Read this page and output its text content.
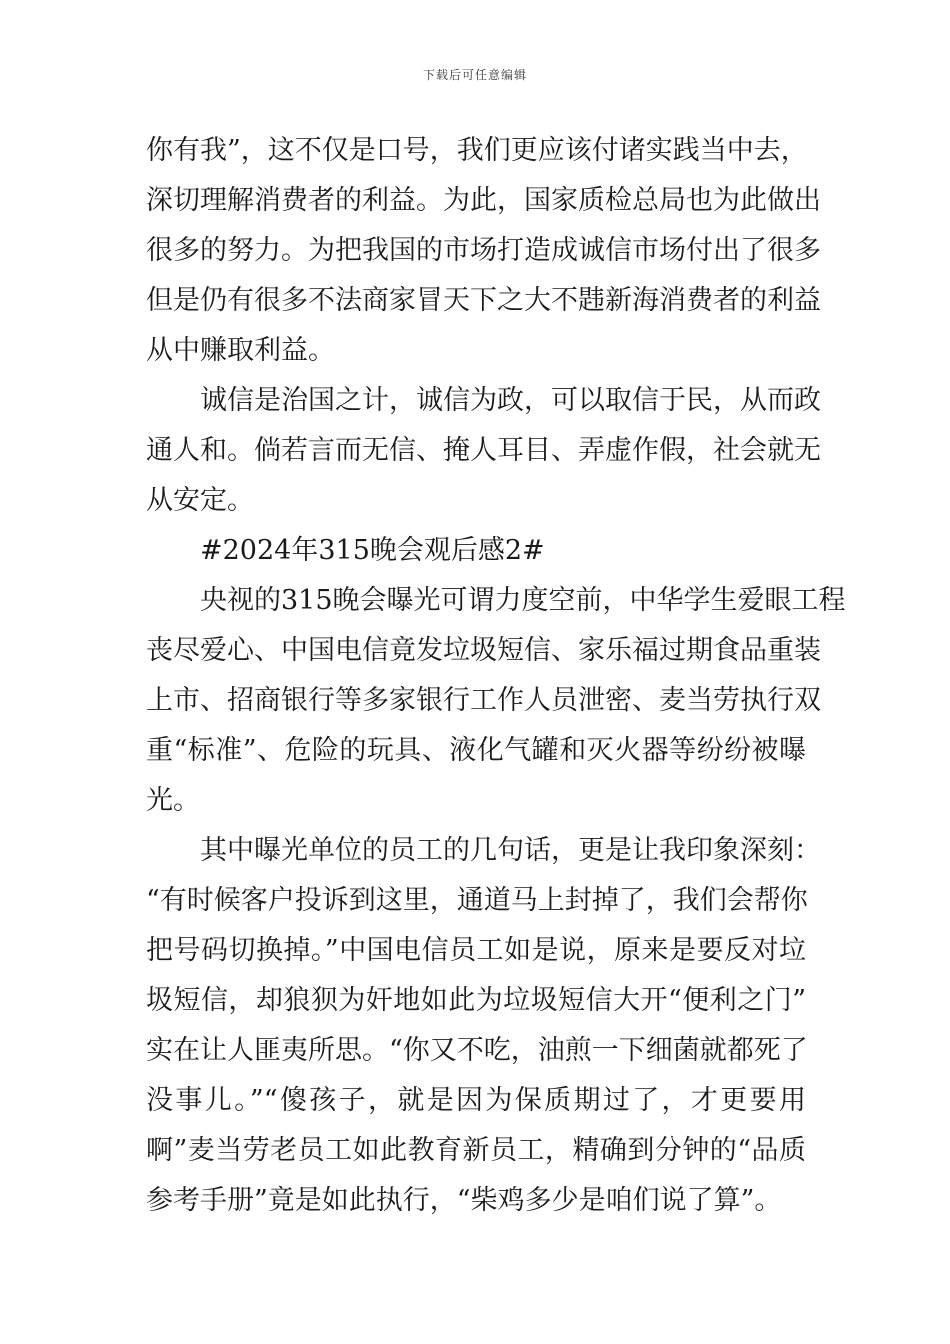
下载后可任意编辑
你有我”，这不仅是口号，我们更应该付诸实践当中去，
深切理解消费者的利益。为此，国家质检总局也为此做出
很多的努力。为把我国的市场打造成诚信市场付出了很多
但是仍有很多不法商家冒天下之大不韪新海消费者的利益
从中赚取利益。
诚信是治国之计，诚信为政，可以取信于民，从而政
通人和。倘若言而无信、掩人耳目、弄虚作假，社会就无
从安定。
#2024年315晚会观后感2#
央视的315晚会曝光可谓力度空前，中华学生爱眼工程
丧尽爱心、中国电信竟发垃圾短信、家乐福过期食品重装
上市、招商银行等多家银行工作人员泄密、麦当劳执行双
重“标准”、危险的玩具、液化气罐和灭火器等纷纷被曝
光。
其中曝光单位的员工的几句话，更是让我印象深刻：
“有时候客户投诉到这里，通道马上封掉了，我们会帮你
把号码切换掉。”中国电信员工如是说，原来是要反对垃
圾短信，却狼狈为奸地如此为垃圾短信大开“便利之门”
实在让人匪夷所思。“你又不吃，油煎一下细菌就都死了
没事儿。”“傻孩子，就是因为保质期过了，才更要用
啊”麦当劳老员工如此教育新员工，精确到分钟的“品质
参考手册”竟是如此执行，“柴鸡多少是咱们说了算”。
